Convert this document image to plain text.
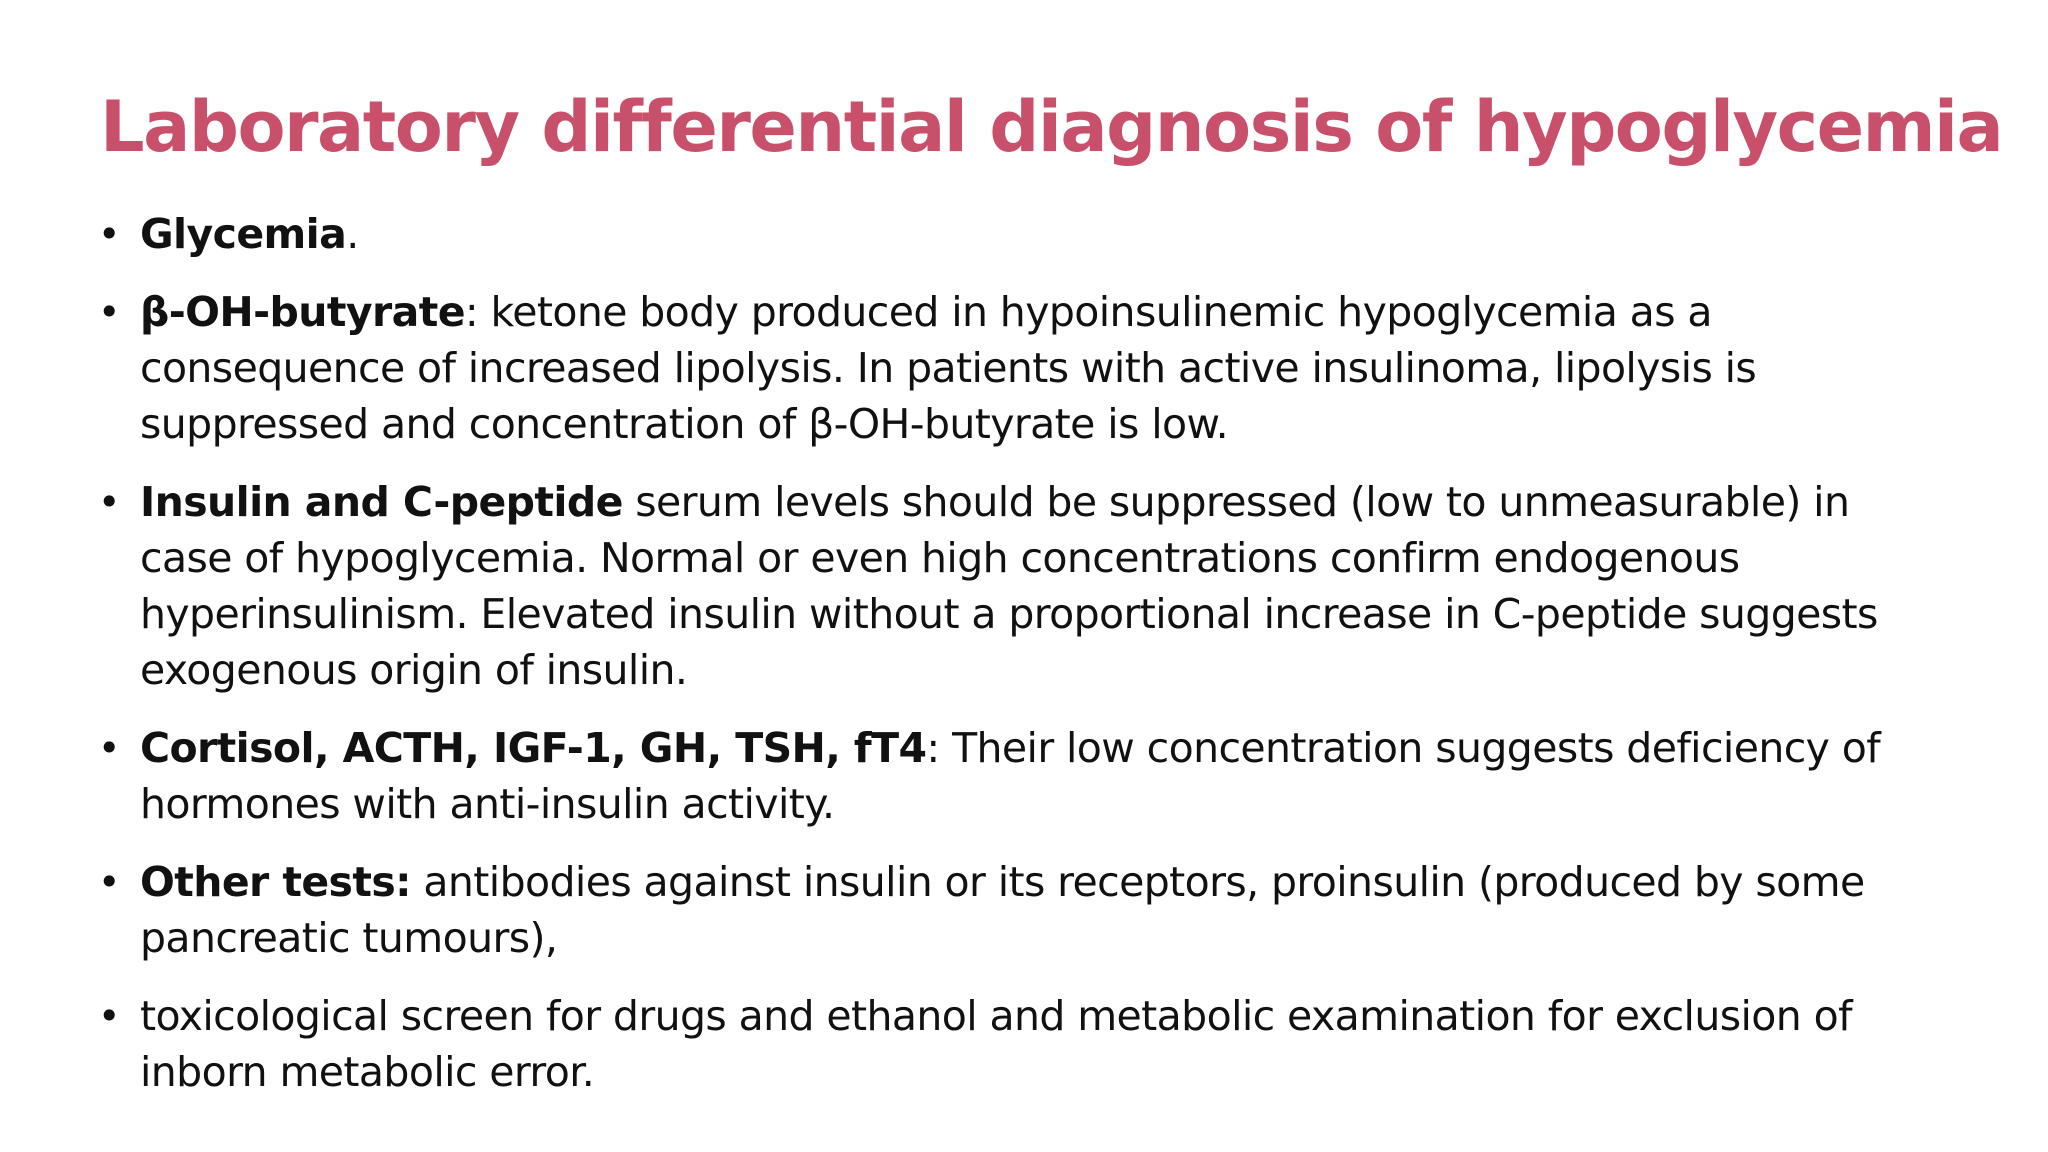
Laboratory differential diagnosis of hypoglycemia
• Glycemia.
• β-OH-butyrate: ketone body produced in hypoinsulinemic hypoglycemia as a
consequence of increased lipolysis. In patients with active insulinoma, lipolysis is
suppressed and concentration of β-OH-butyrate is low.
• Insulin and C-peptide serum levels should be suppressed (low to unmeasurable) in
case of hypoglycemia. Normal or even high concentrations confirm endogenous
hyperinsulinism. Elevated insulin without a proportional increase in C-peptide suggests
exogenous origin of insulin.
• Cortisol, ACTH, IGF-1, GH, TSH, fT4: Their low concentration suggests deficiency of
hormones with anti-insulin activity.
• Other tests: antibodies against insulin or its receptors, proinsulin (produced by some
pancreatic tumours),
• toxicological screen for drugs and ethanol and metabolic examination for exclusion of
inborn metabolic error.
